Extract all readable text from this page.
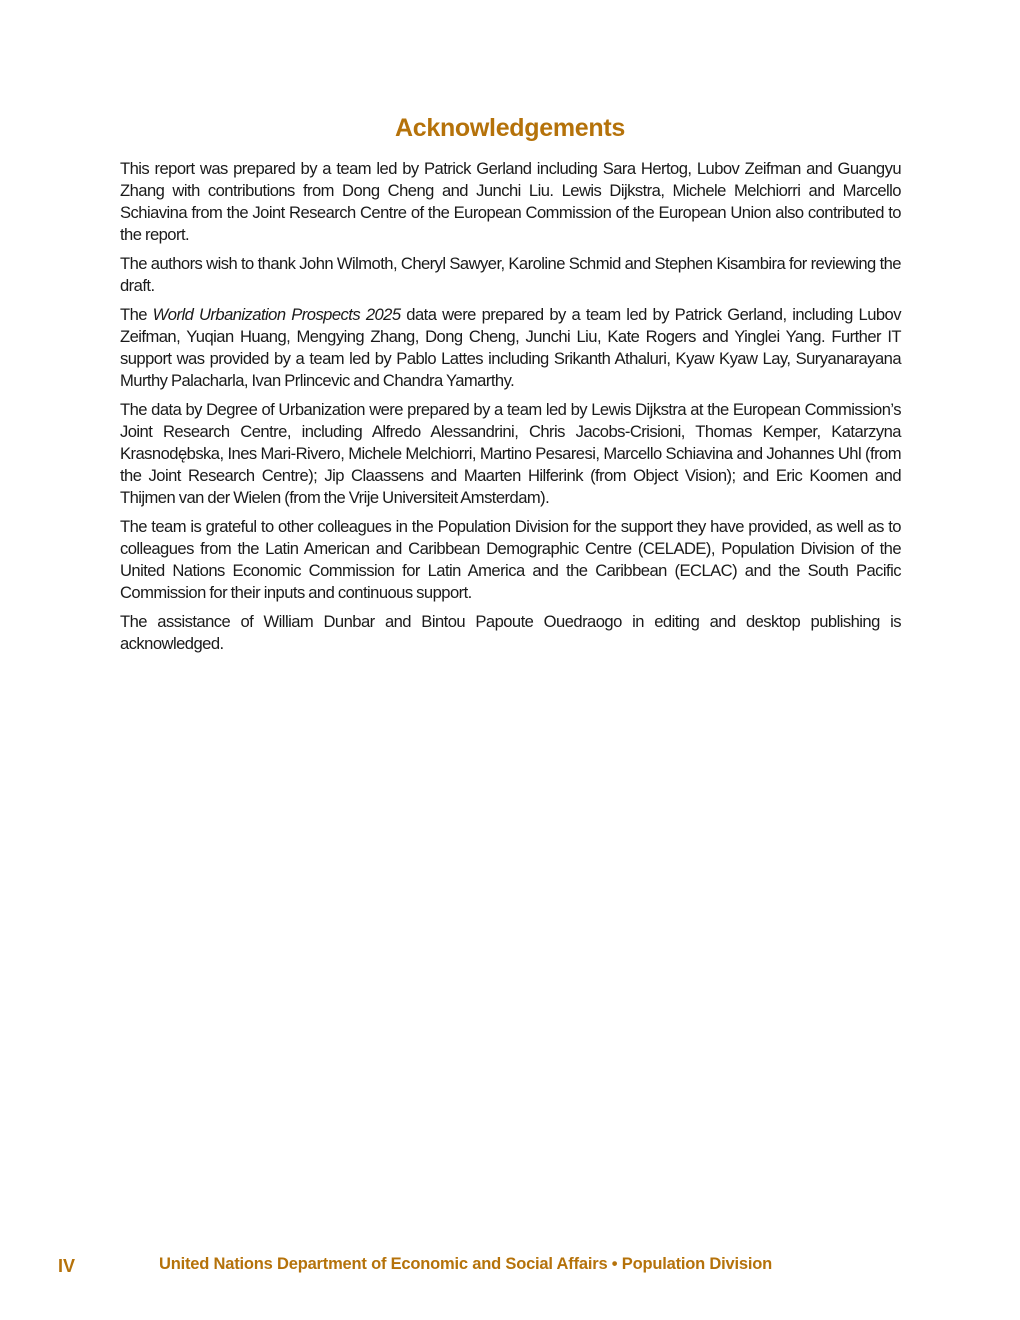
Acknowledgements

This report was prepared by a team led by Patrick Gerland including Sara Hertog, Lubov Zeifman and Guangyu Zhang with contributions from Dong Cheng and Junchi Liu. Lewis Dijkstra, Michele Melchiorri and Marcello Schiavina from the Joint Research Centre of the European Commission of the European Union also contributed to the report.

The authors wish to thank John Wilmoth, Cheryl Sawyer, Karoline Schmid and Stephen Kisambira for reviewing the draft.

The World Urbanization Prospects 2025 data were prepared by a team led by Patrick Gerland, including Lubov Zeifman, Yuqian Huang, Mengying Zhang, Dong Cheng, Junchi Liu, Kate Rogers and Yinglei Yang. Further IT support was provided by a team led by Pablo Lattes including Srikanth Athaluri, Kyaw Kyaw Lay, Suryanarayana Murthy Palacharla, Ivan Prlincevic and Chandra Yamarthy.

The data by Degree of Urbanization were prepared by a team led by Lewis Dijkstra at the European Commission’s Joint Research Centre, including Alfredo Alessandrini, Chris Jacobs-Crisioni, Thomas Kemper, Katarzyna Krasnodębska, Ines Mari-Rivero, Michele Melchiorri, Martino Pesaresi, Marcello Schiavina and Johannes Uhl (from the Joint Research Centre); Jip Claassens and Maarten Hilferink (from Object Vision); and Eric Koomen and Thijmen van der Wielen (from the Vrije Universiteit Amsterdam).

The team is grateful to other colleagues in the Population Division for the support they have provided, as well as to colleagues from the Latin American and Caribbean Demographic Centre (CELADE), Population Division of the United Nations Economic Commission for Latin America and the Caribbean (ECLAC) and the South Pacific Commission for their inputs and continuous support.

The assistance of William Dunbar and Bintou Papoute Ouedraogo in editing and desktop publishing is acknowledged.

IV	United Nations Department of Economic and Social Affairs • Population Division
